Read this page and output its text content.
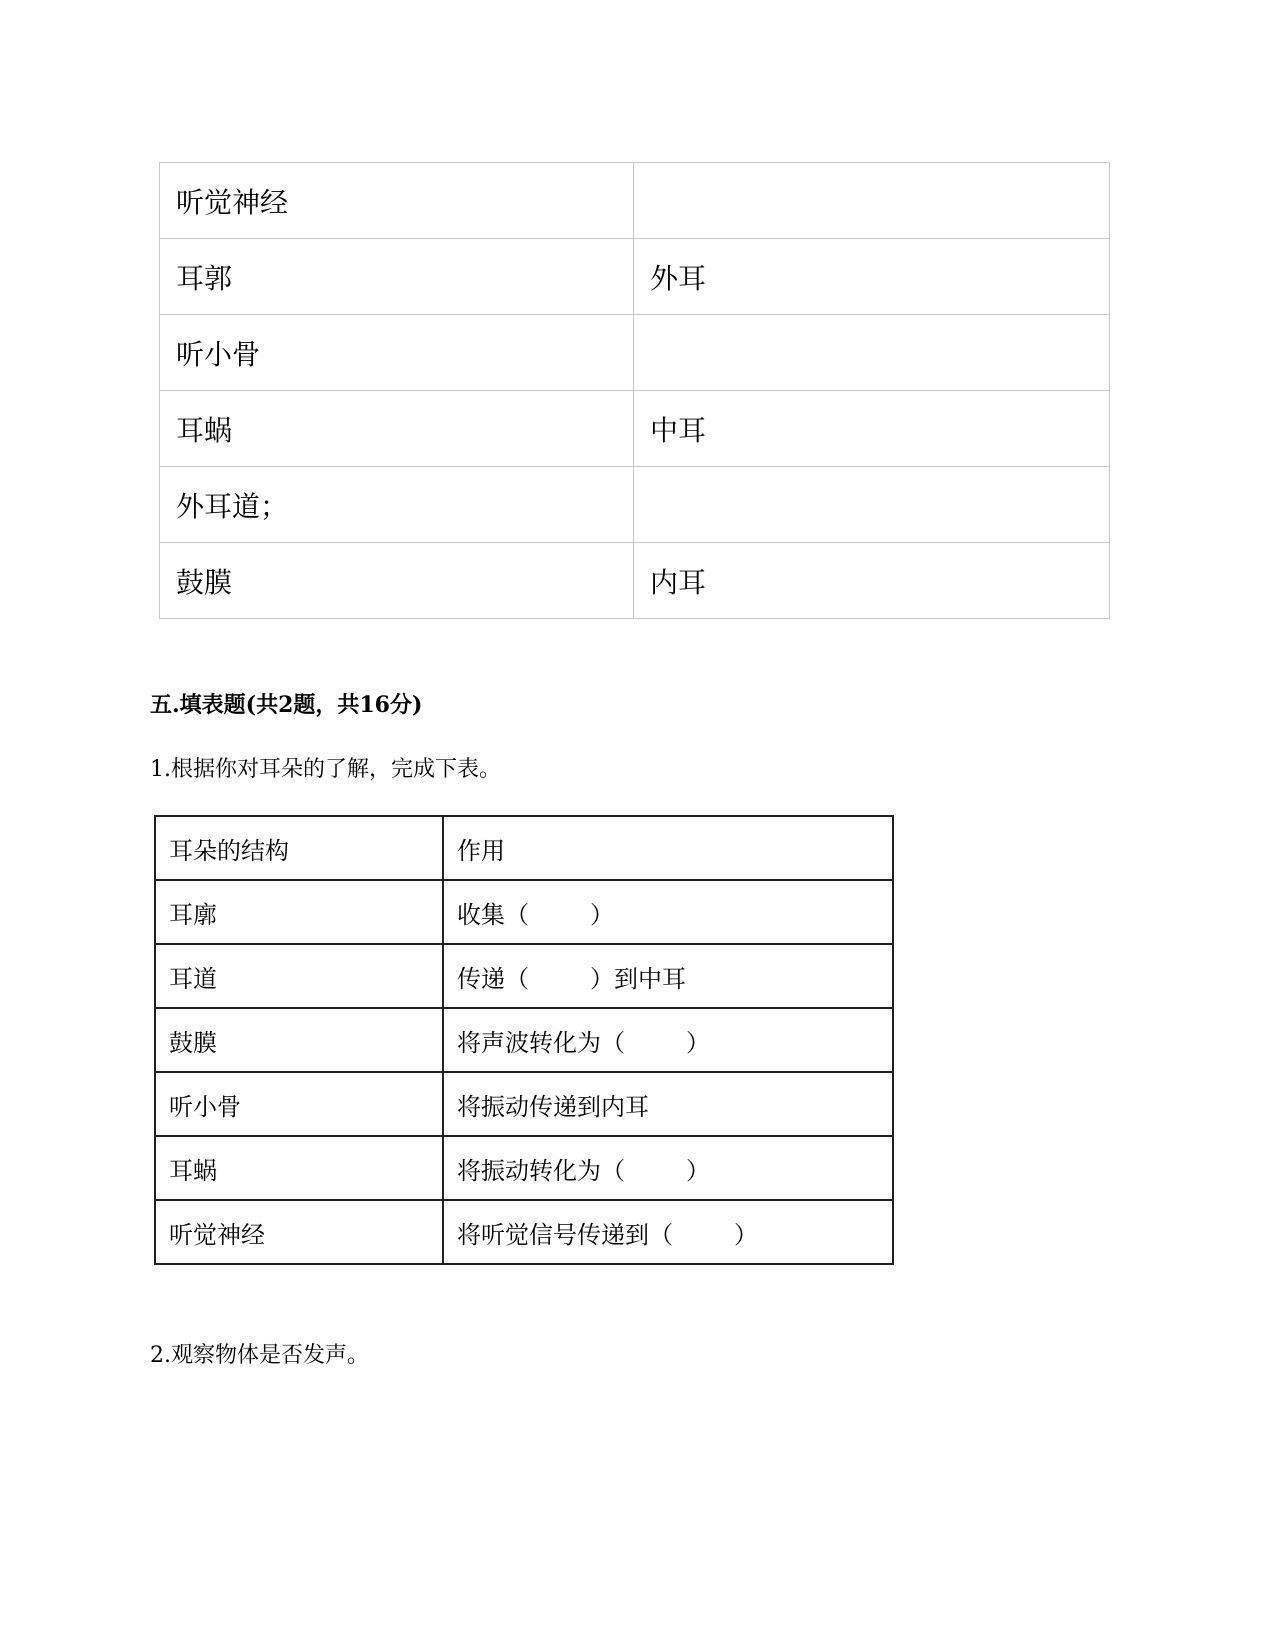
听觉神经	
耳郭	外耳
听小骨	
耳蜗	中耳
外耳道；	
鼓膜	内耳
五.填表题(共2题，共16分)
1.根据你对耳朵的了解，完成下表。
耳朵的结构	作用
耳廓	收集（        ）
耳道	传递（        ）到中耳
鼓膜	将声波转化为（        ）
听小骨	将振动传递到内耳
耳蜗	将振动转化为（        ）
听觉神经	将听觉信号传递到（        ）
2.观察物体是否发声。
